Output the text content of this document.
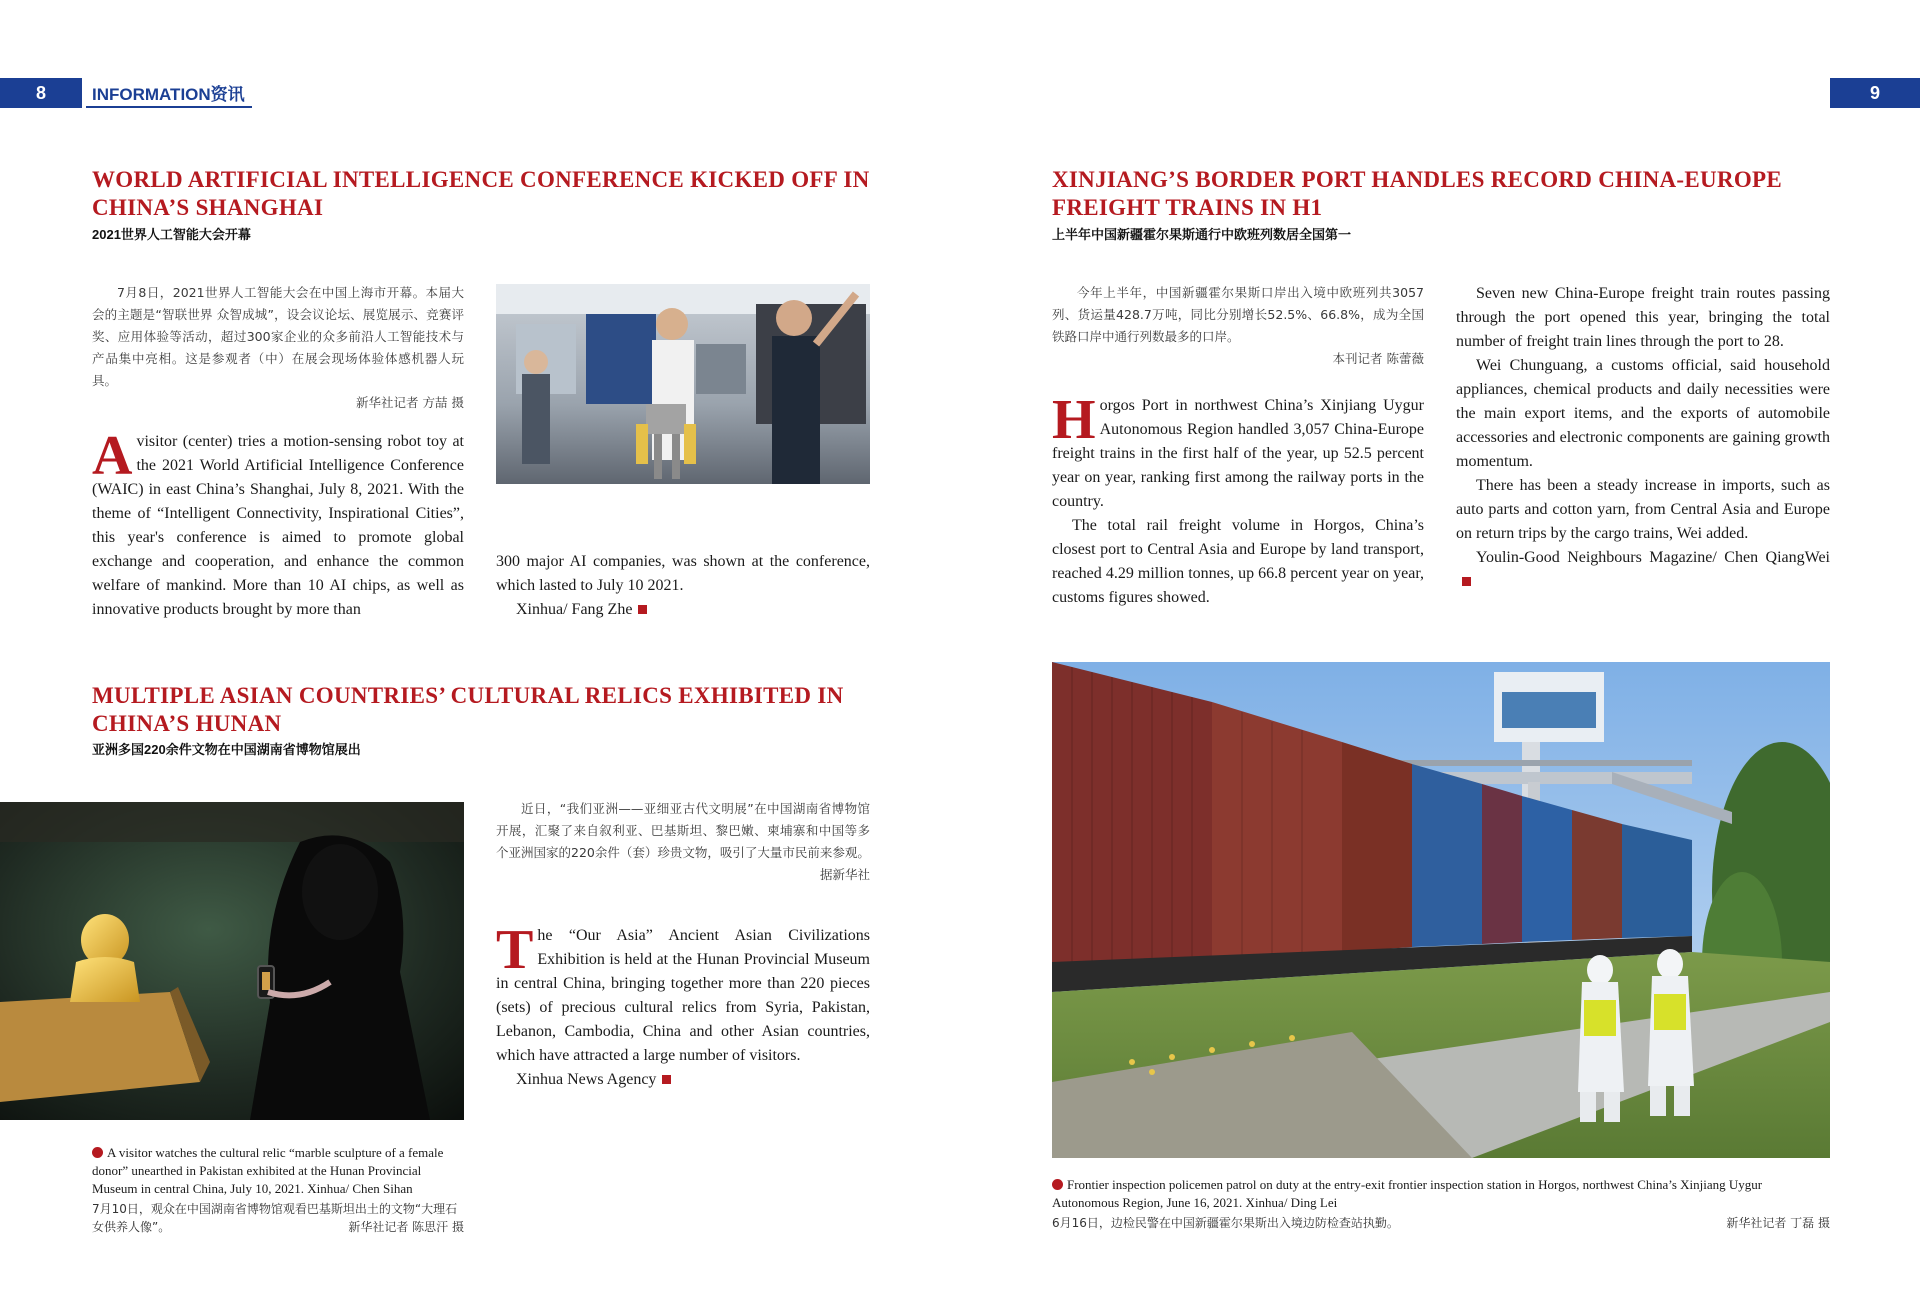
8	INFORMATION资讯	9
WORLD ARTIFICIAL INTELLIGENCE CONFERENCE KICKED OFF IN CHINA’S SHANGHAI
2021世界人工智能大会开幕
7月8日，2021世界人工智能大会在中国上海市开幕。本届大会的主题是“智联世界 众智成城”，设会议论坛、展览展示、竞赛评奖、应用体验等活动，超过300家企业的众多前沿人工智能技术与产品集中亮相。这是参观者（中）在展会现场体验体感机器人玩具。
新华社记者 方喆 摄

Avisitor (center) tries a motion-sensing robot toy at the 2021 World Artificial Intelligence Conference (WAIC) in east China’s Shanghai, July 8, 2021. With the theme of “Intelligent Connectivity, Inspirational Cities”, this year's conference is aimed to promote global exchange and cooperation, and enhance the common welfare of mankind. More than 10 AI chips, as well as innovative products brought by more than

300 major AI companies, was shown at the conference, which lasted to July 10 2021.

Xinhua/ Fang Zhe

MULTIPLE ASIAN COUNTRIES’ CULTURAL RELICS EXHIBITED IN CHINA’S HUNAN
亚洲多国220余件文物在中国湖南省博物馆展出
近日，“我们亚洲——亚细亚古代文明展”在中国湖南省博物馆开展，汇聚了来自叙利亚、巴基斯坦、黎巴嫩、柬埔寨和中国等多个亚洲国家的220余件（套）珍贵文物，吸引了大量市民前来参观。
据新华社

The “Our Asia” Ancient Asian Civilizations Exhibition is held at the Hunan Provincial Museum in central China, bringing together more than 220 pieces (sets) of precious cultural relics from Syria, Pakistan, Lebanon, Cambodia, China and other Asian countries, which have attracted a large number of visitors.

Xinhua News Agency

A visitor watches the cultural relic “marble sculpture of a female donor” unearthed in Pakistan exhibited at the Hunan Provincial Museum in central China, July 10, 2021. Xinhua/ Chen Sihan
7月10日，观众在中国湖南省博物馆观看巴基斯坦出土的文物“大理石女供养人像”。	新华社记者 陈思汗 摄
XINJIANG’S BORDER PORT HANDLES RECORD CHINA-EUROPE FREIGHT TRAINS IN H1
上半年中国新疆霍尔果斯通行中欧班列数居全国第一
今年上半年，中国新疆霍尔果斯口岸出入境中欧班列共3057列、货运量428.7万吨，同比分别增长52.5%、66.8%，成为全国铁路口岸中通行列数最多的口岸。
本刊记者 陈蕾薇

Horgos Port in northwest China’s Xinjiang Uygur Autonomous Region handled 3,057 China-Europe freight trains in the first half of the year, up 52.5 percent year on year, ranking first among the railway ports in the country.

The total rail freight volume in Horgos, China’s closest port to Central Asia and Europe by land transport, reached 4.29 million tonnes, up 66.8 percent year on year, customs figures showed.

Seven new China-Europe freight train routes passing through the port opened this year, bringing the total number of freight train lines through the port to 28.

Wei Chunguang, a customs official, said household appliances, chemical products and daily necessities were the main export items, and the exports of automobile accessories and electronic components are gaining growth momentum.

There has been a steady increase in imports, such as auto parts and cotton yarn, from Central Asia and Europe on return trips by the cargo trains, Wei added.

Youlin-Good Neighbours Magazine/ Chen QiangWei

Frontier inspection policemen patrol on duty at the entry-exit frontier inspection station in Horgos, northwest China’s Xinjiang Uygur Autonomous Region, June 16, 2021. Xinhua/ Ding Lei
6月16日，边检民警在中国新疆霍尔果斯出入境边防检查站执勤。	新华社记者 丁磊 摄
